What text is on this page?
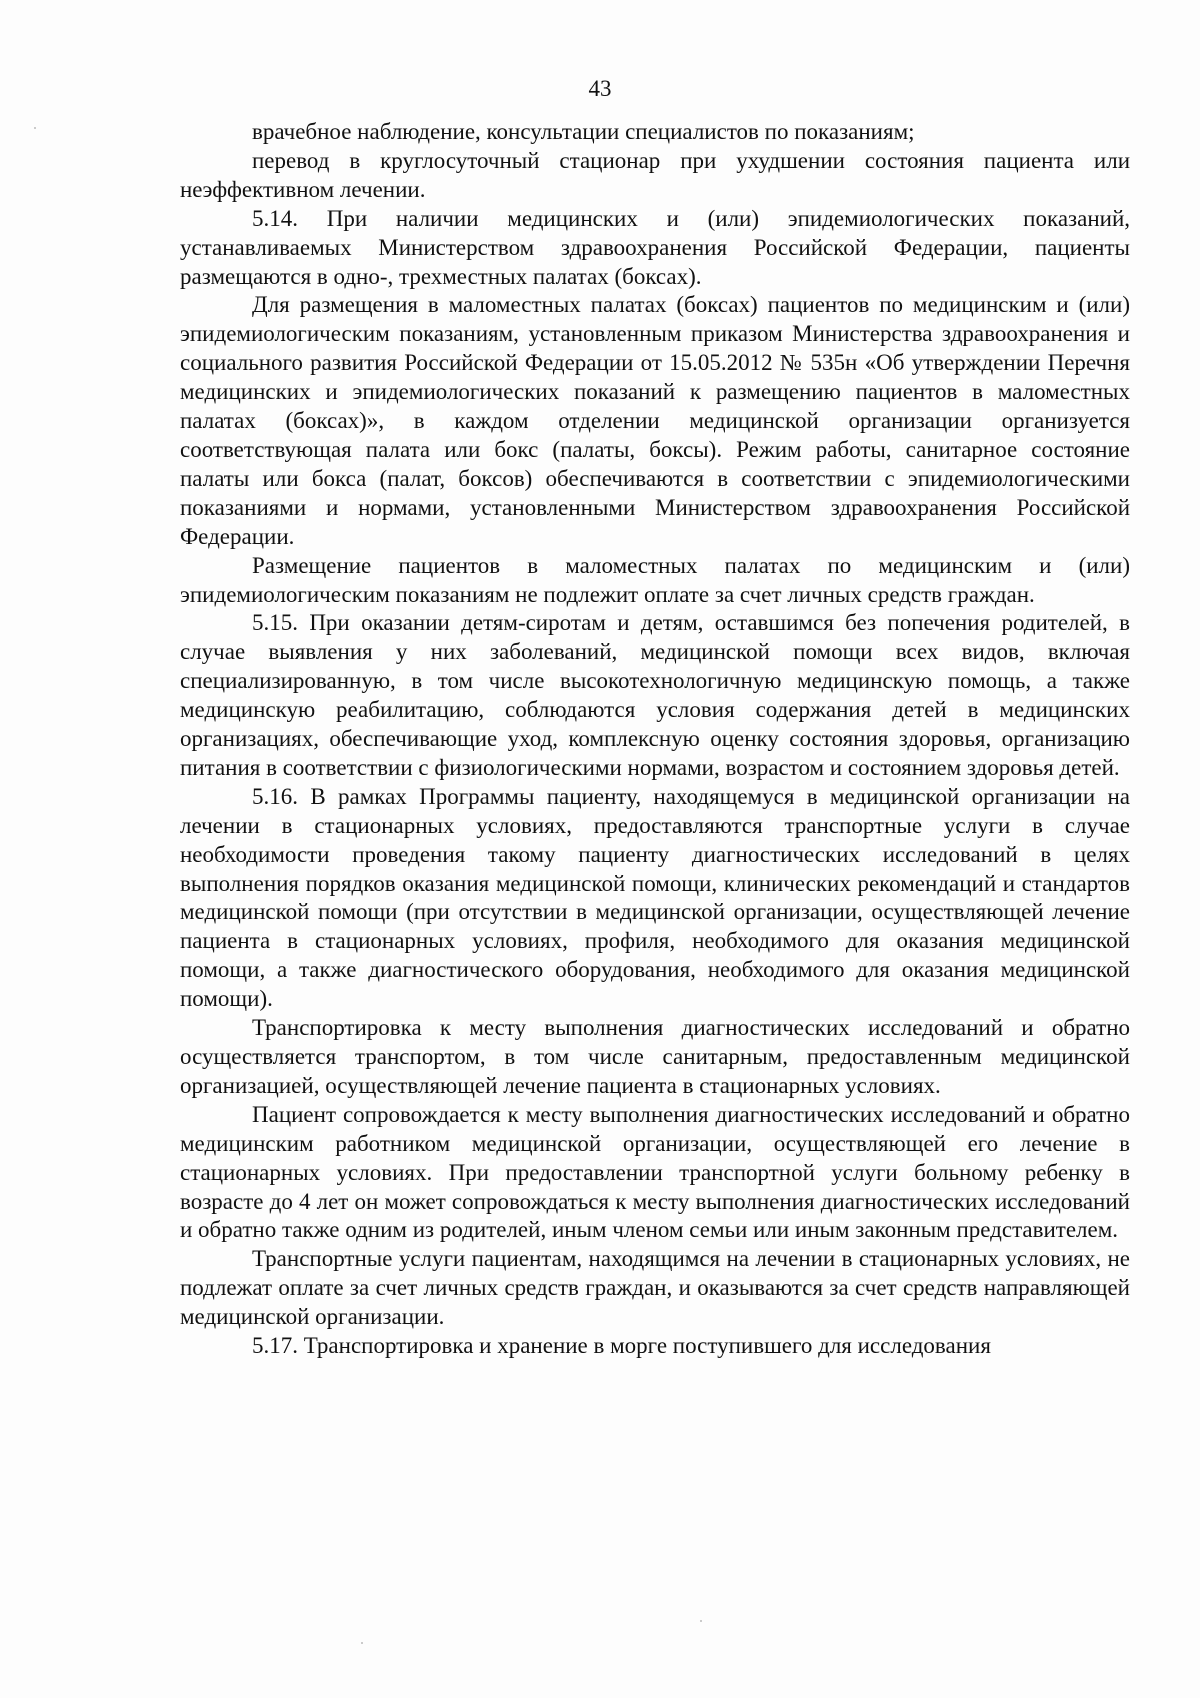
43

врачебное наблюдение, консультации специалистов по показаниям;

перевод в круглосуточный стационар при ухудшении состояния пациента или неэффективном лечении.

5.14. При наличии медицинских и (или) эпидемиологических показаний, устанавливаемых Министерством здравоохранения Российской Федерации, пациенты размещаются в одно-, трехместных палатах (боксах).

Для размещения в маломестных палатах (боксах) пациентов по медицинским и (или) эпидемиологическим показаниям, установленным приказом Министерства здравоохранения и социального развития Российской Федерации от 15.05.2012 № 535н «Об утверждении Перечня медицинских и эпидемиологических показаний к размещению пациентов в маломестных палатах (боксах)», в каждом отделении медицинской организации организуется соответствующая палата или бокс (палаты, боксы). Режим работы, санитарное состояние палаты или бокса (палат, боксов) обеспечиваются в соответствии с эпидемиологическими показаниями и нормами, установленными Министерством здравоохранения Российской Федерации.

Размещение пациентов в маломестных палатах по медицинским и (или) эпидемиологическим показаниям не подлежит оплате за счет личных средств граждан.

5.15. При оказании детям-сиротам и детям, оставшимся без попечения родителей, в случае выявления у них заболеваний, медицинской помощи всех видов, включая специализированную, в том числе высокотехнологичную медицинскую помощь, а также медицинскую реабилитацию, соблюдаются условия содержания детей в медицинских организациях, обеспечивающие уход, комплексную оценку состояния здоровья, организацию питания в соответствии с физиологическими нормами, возрастом и состоянием здоровья детей.

5.16. В рамках Программы пациенту, находящемуся в медицинской организации на лечении в стационарных условиях, предоставляются транспортные услуги в случае необходимости проведения такому пациенту диагностических исследований в целях выполнения порядков оказания медицинской помощи, клинических рекомендаций и стандартов медицинской помощи (при отсутствии в медицинской организации, осуществляющей лечение пациента в стационарных условиях, профиля, необходимого для оказания медицинской помощи, а также диагностического оборудования, необходимого для оказания медицинской помощи).

Транспортировка к месту выполнения диагностических исследований и обратно осуществляется транспортом, в том числе санитарным, предоставленным медицинской организацией, осуществляющей лечение пациента в стационарных условиях.

Пациент сопровождается к месту выполнения диагностических исследований и обратно медицинским работником медицинской организации, осуществляющей его лечение в стационарных условиях. При предоставлении транспортной услуги больному ребенку в возрасте до 4 лет он может сопровождаться к месту выполнения диагностических исследований и обратно также одним из родителей, иным членом семьи или иным законным представителем.

Транспортные услуги пациентам, находящимся на лечении в стационарных условиях, не подлежат оплате за счет личных средств граждан, и оказываются за счет средств направляющей медицинской организации.

5.17. Транспортировка и хранение в морге поступившего для исследования
